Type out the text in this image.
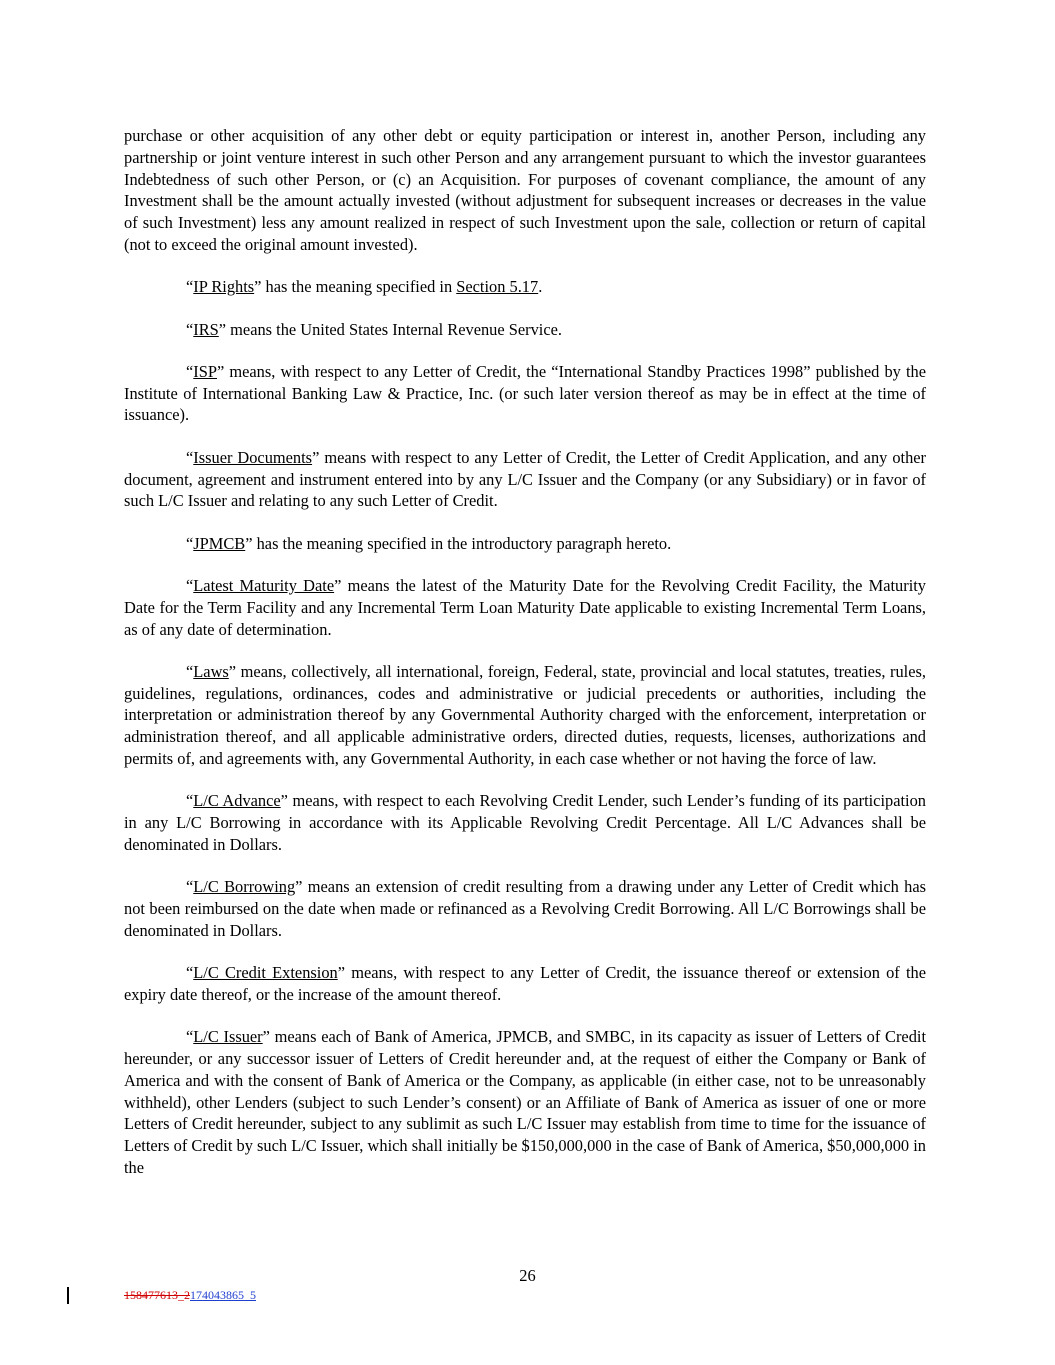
purchase or other acquisition of any other debt or equity participation or interest in, another Person, including any partnership or joint venture interest in such other Person and any arrangement pursuant to which the investor guarantees Indebtedness of such other Person, or (c) an Acquisition. For purposes of covenant compliance, the amount of any Investment shall be the amount actually invested (without adjustment for subsequent increases or decreases in the value of such Investment) less any amount realized in respect of such Investment upon the sale, collection or return of capital (not to exceed the original amount invested).

“IP Rights” has the meaning specified in Section 5.17.

“IRS” means the United States Internal Revenue Service.

“ISP” means, with respect to any Letter of Credit, the “International Standby Practices 1998” published by the Institute of International Banking Law & Practice, Inc. (or such later version thereof as may be in effect at the time of issuance).

“Issuer Documents” means with respect to any Letter of Credit, the Letter of Credit Application, and any other document, agreement and instrument entered into by any L/C Issuer and the Company (or any Subsidiary) or in favor of such L/C Issuer and relating to any such Letter of Credit.

“JPMCB” has the meaning specified in the introductory paragraph hereto.

“Latest Maturity Date” means the latest of the Maturity Date for the Revolving Credit Facility, the Maturity Date for the Term Facility and any Incremental Term Loan Maturity Date applicable to existing Incremental Term Loans, as of any date of determination.

“Laws” means, collectively, all international, foreign, Federal, state, provincial and local statutes, treaties, rules, guidelines, regulations, ordinances, codes and administrative or judicial precedents or authorities, including the interpretation or administration thereof by any Governmental Authority charged with the enforcement, interpretation or administration thereof, and all applicable administrative orders, directed duties, requests, licenses, authorizations and permits of, and agreements with, any Governmental Authority, in each case whether or not having the force of law.

“L/C Advance” means, with respect to each Revolving Credit Lender, such Lender’s funding of its participation in any L/C Borrowing in accordance with its Applicable Revolving Credit Percentage. All L/C Advances shall be denominated in Dollars.

“L/C Borrowing” means an extension of credit resulting from a drawing under any Letter of Credit which has not been reimbursed on the date when made or refinanced as a Revolving Credit Borrowing. All L/C Borrowings shall be denominated in Dollars.

“L/C Credit Extension” means, with respect to any Letter of Credit, the issuance thereof or extension of the expiry date thereof, or the increase of the amount thereof.

“L/C Issuer” means each of Bank of America, JPMCB, and SMBC, in its capacity as issuer of Letters of Credit hereunder, or any successor issuer of Letters of Credit hereunder and, at the request of either the Company or Bank of America and with the consent of Bank of America or the Company, as applicable (in either case, not to be unreasonably withheld), other Lenders (subject to such Lender’s consent) or an Affiliate of Bank of America as issuer of one or more Letters of Credit hereunder, subject to any sublimit as such L/C Issuer may establish from time to time for the issuance of Letters of Credit by such L/C Issuer, which shall initially be $150,000,000 in the case of Bank of America, $50,000,000 in the

26
158477613_2174043865_5
